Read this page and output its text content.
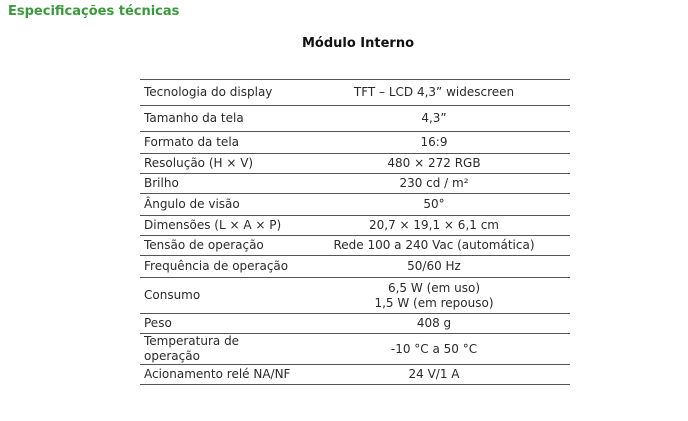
Especificações técnicas
Módulo Interno
Tecnologia do display	TFT – LCD 4,3” widescreen
Tamanho da tela	4,3”
Formato da tela	16:9
Resolução (H × V)	480 × 272 RGB
Brilho	230 cd / m²
Ângulo de visão	50°
Dimensões (L × A × P)	20,7 × 19,1 × 6,1 cm
Tensão de operação	Rede 100 a 240 Vac (automática)
Frequência de operação	50/60 Hz
Consumo	6,5 W (em uso)
1,5 W (em repouso)

Peso	408 g
Temperatura de operação	-10 °C a 50 °C
Acionamento relé NA/NF	24 V/1 A
